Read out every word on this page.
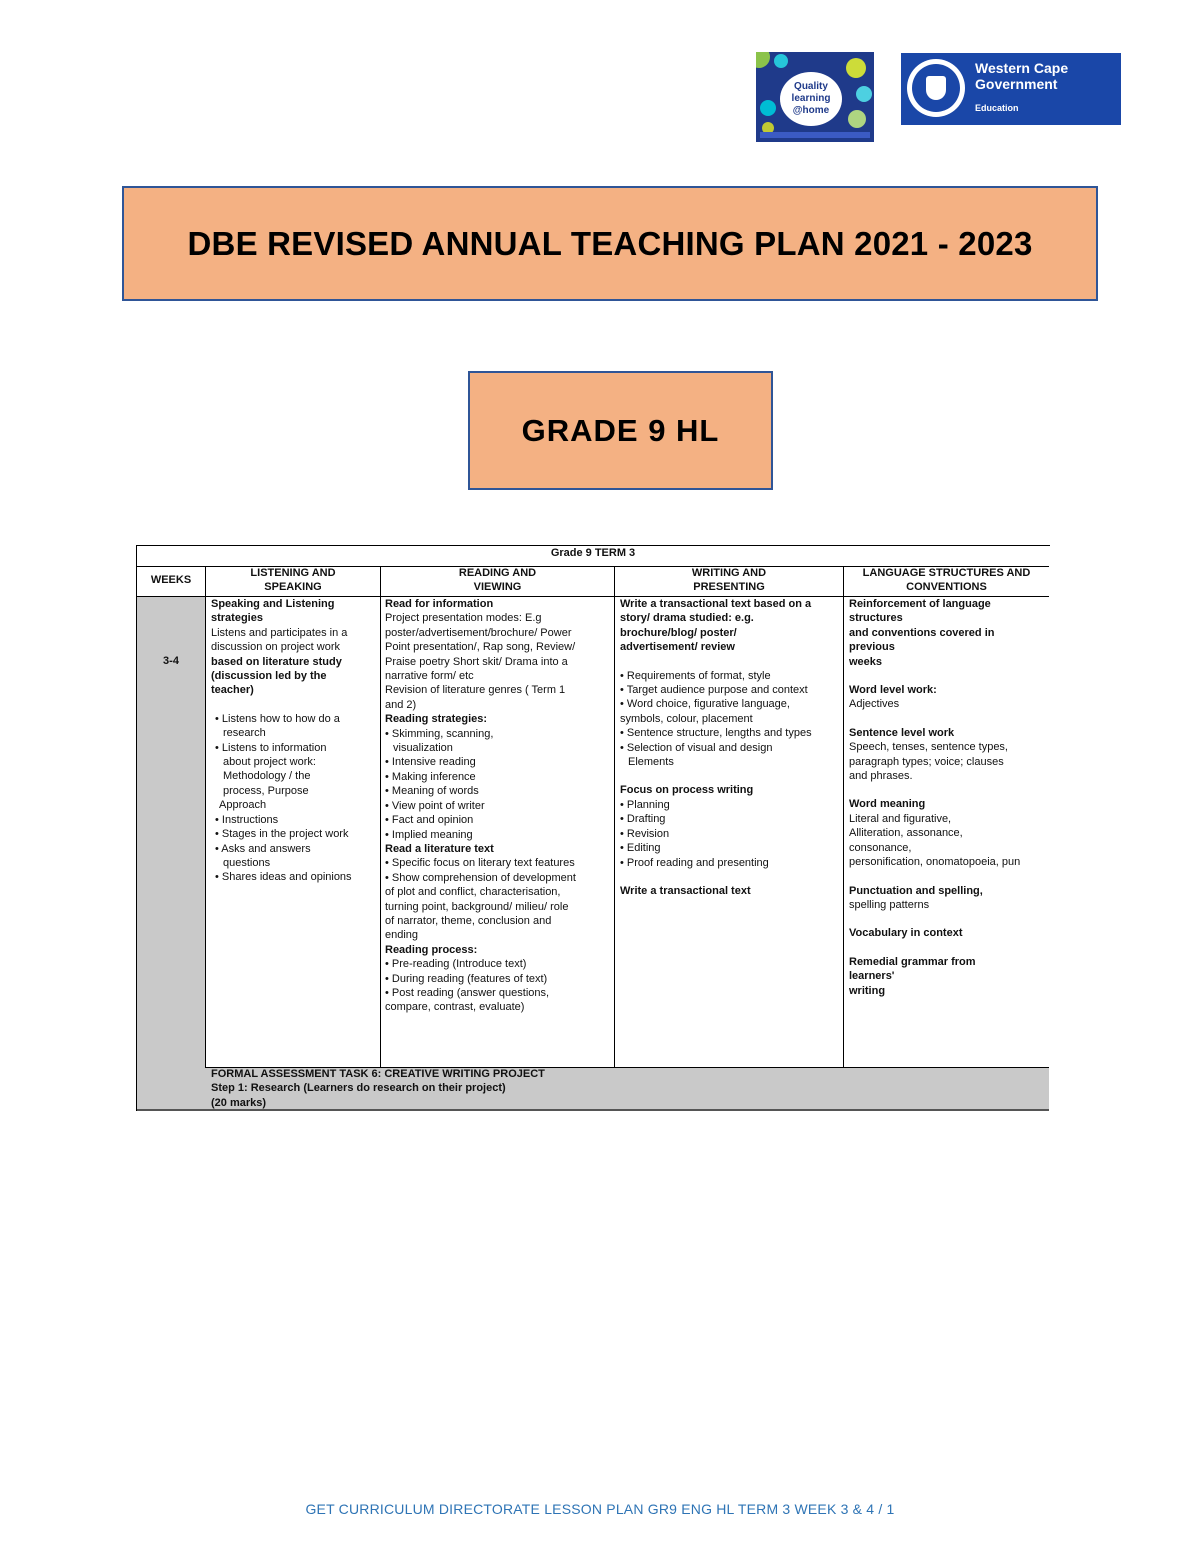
Quality
learning
@home
Western Cape
Government
Education
DBE REVISED ANNUAL TEACHING PLAN 2021 - 2023
GRADE 9 HL
Grade 9 TERM 3
WEEKS
LISTENING AND
SPEAKING
READING AND
VIEWING
WRITING AND
PRESENTING
LANGUAGE STRUCTURES AND
CONVENTIONS
3-4
Speaking and Listening
strategies
Listens and participates in a
discussion on project work
based on literature study
(discussion led by the
teacher)
• Listens how to how do a
research
• Listens to information
about project work:
Methodology / the
process, Purpose
Approach
• Instructions
• Stages in the project work
• Asks and answers
questions
• Shares ideas and opinions
Read for information
Project presentation modes: E.g
poster/advertisement/brochure/ Power
Point presentation/, Rap song, Review/
Praise poetry Short skit/ Drama into a
narrative form/ etc
Revision of literature genres ( Term 1
and 2)
Reading strategies:
• Skimming, scanning,
visualization
• Intensive reading
• Making inference
• Meaning of words
• View point of writer
• Fact and opinion
• Implied meaning
Read a literature text
• Specific focus on literary text features
• Show comprehension of development
of plot and conflict, characterisation,
turning point, background/ milieu/ role
of narrator, theme, conclusion and
ending
Reading process:
• Pre-reading (Introduce text)
• During reading (features of text)
• Post reading (answer questions,
compare, contrast, evaluate)
Write a transactional text based on a
story/ drama studied: e.g.
brochure/blog/ poster/
advertisement/ review
• Requirements of format, style
• Target audience purpose and context
• Word choice, figurative language,
symbols, colour, placement
• Sentence structure, lengths and types
• Selection of visual and design
Elements
Focus on process writing
• Planning
• Drafting
• Revision
• Editing
• Proof reading and presenting
Write a transactional text
Reinforcement of language
structures
and conventions covered in
previous
weeks
Word level work:
Adjectives
Sentence level work
Speech, tenses, sentence types,
paragraph types; voice; clauses
and phrases.
Word meaning
Literal and figurative,
Alliteration, assonance,
consonance,
personification, onomatopoeia, pun
Punctuation and spelling,
spelling patterns
Vocabulary in context
Remedial grammar from
learners'
writing
FORMAL ASSESSMENT TASK 6: CREATIVE WRITING PROJECT
Step 1: Research (Learners do research on their project)
(20 marks)
GET CURRICULUM DIRECTORATE LESSON PLAN GR9 ENG HL TERM 3 WEEK 3 & 4 / 1
